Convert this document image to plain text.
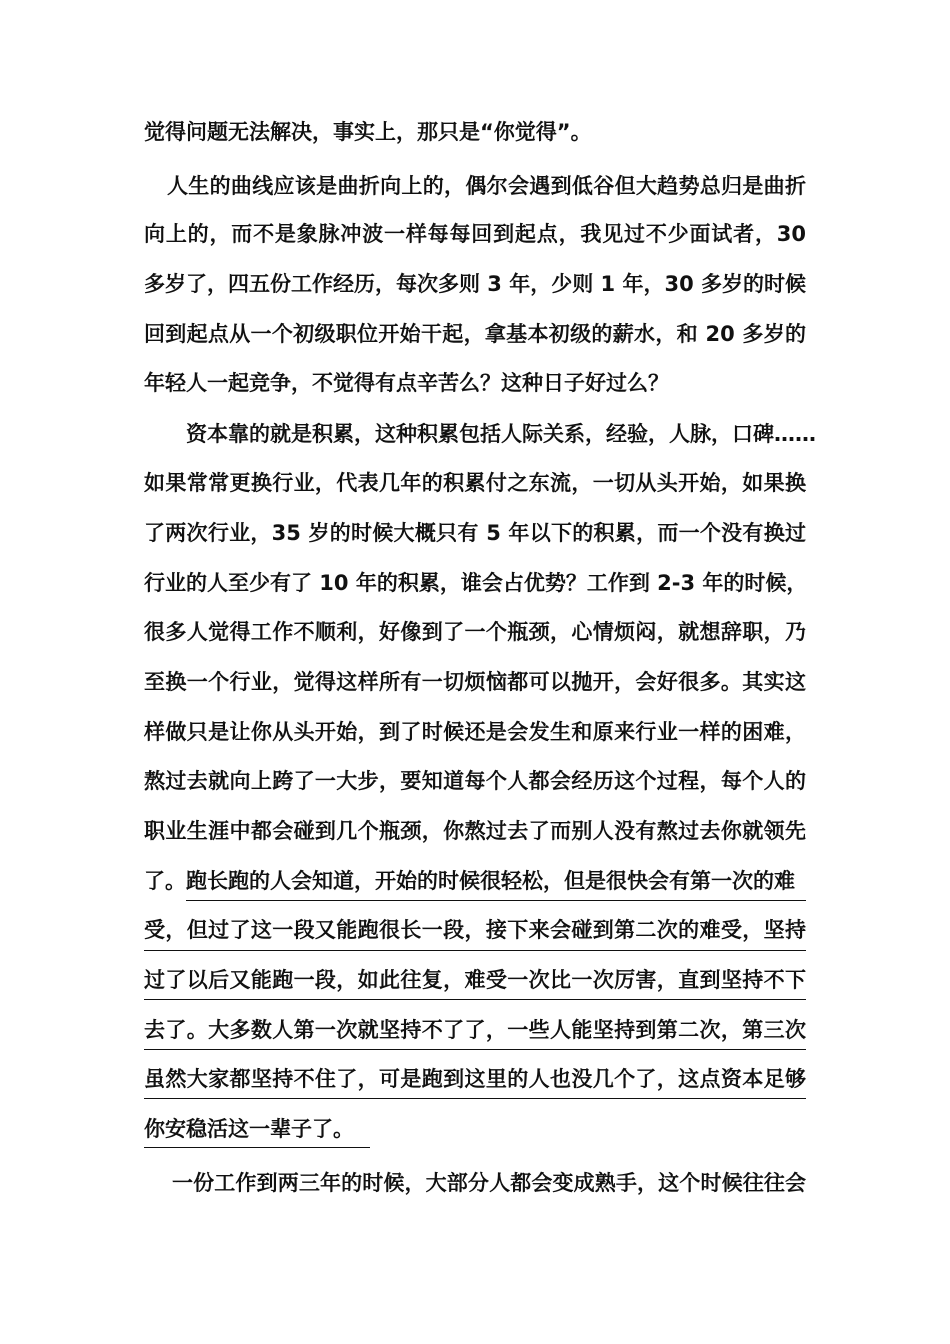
觉得问题无法解决，事实上，那只是“你觉得”。
人生的曲线应该是曲折向上的，偶尔会遇到低谷但大趋势总归是曲折
向上的，而不是象脉冲波一样每每回到起点，我见过不少面试者，30
多岁了，四五份工作经历，每次多则 3 年，少则 1 年，30 多岁的时候
回到起点从一个初级职位开始干起，拿基本初级的薪水，和 20 多岁的
年轻人一起竞争，不觉得有点辛苦么？这种日子好过么？
资本靠的就是积累，这种积累包括人际关系，经验，人脉，口碑……
如果常常更换行业，代表几年的积累付之东流，一切从头开始，如果换
了两次行业，35 岁的时候大概只有 5 年以下的积累，而一个没有换过
行业的人至少有了 10 年的积累，谁会占优势？工作到 2-3 年的时候，
很多人觉得工作不顺利，好像到了一个瓶颈，心情烦闷，就想辞职，乃
至换一个行业，觉得这样所有一切烦恼都可以抛开，会好很多。其实这
样做只是让你从头开始，到了时候还是会发生和原来行业一样的困难，
熬过去就向上跨了一大步，要知道每个人都会经历这个过程，每个人的
职业生涯中都会碰到几个瓶颈，你熬过去了而别人没有熬过去你就领先
了。跑长跑的人会知道，开始的时候很轻松，但是很快会有第一次的难
受，但过了这一段又能跑很长一段，接下来会碰到第二次的难受，坚持
过了以后又能跑一段，如此往复，难受一次比一次厉害，直到坚持不下
去了。大多数人第一次就坚持不了了，一些人能坚持到第二次，第三次
虽然大家都坚持不住了，可是跑到这里的人也没几个了，这点资本足够
你安稳活这一辈子了。
一份工作到两三年的时候，大部分人都会变成熟手，这个时候往往会
